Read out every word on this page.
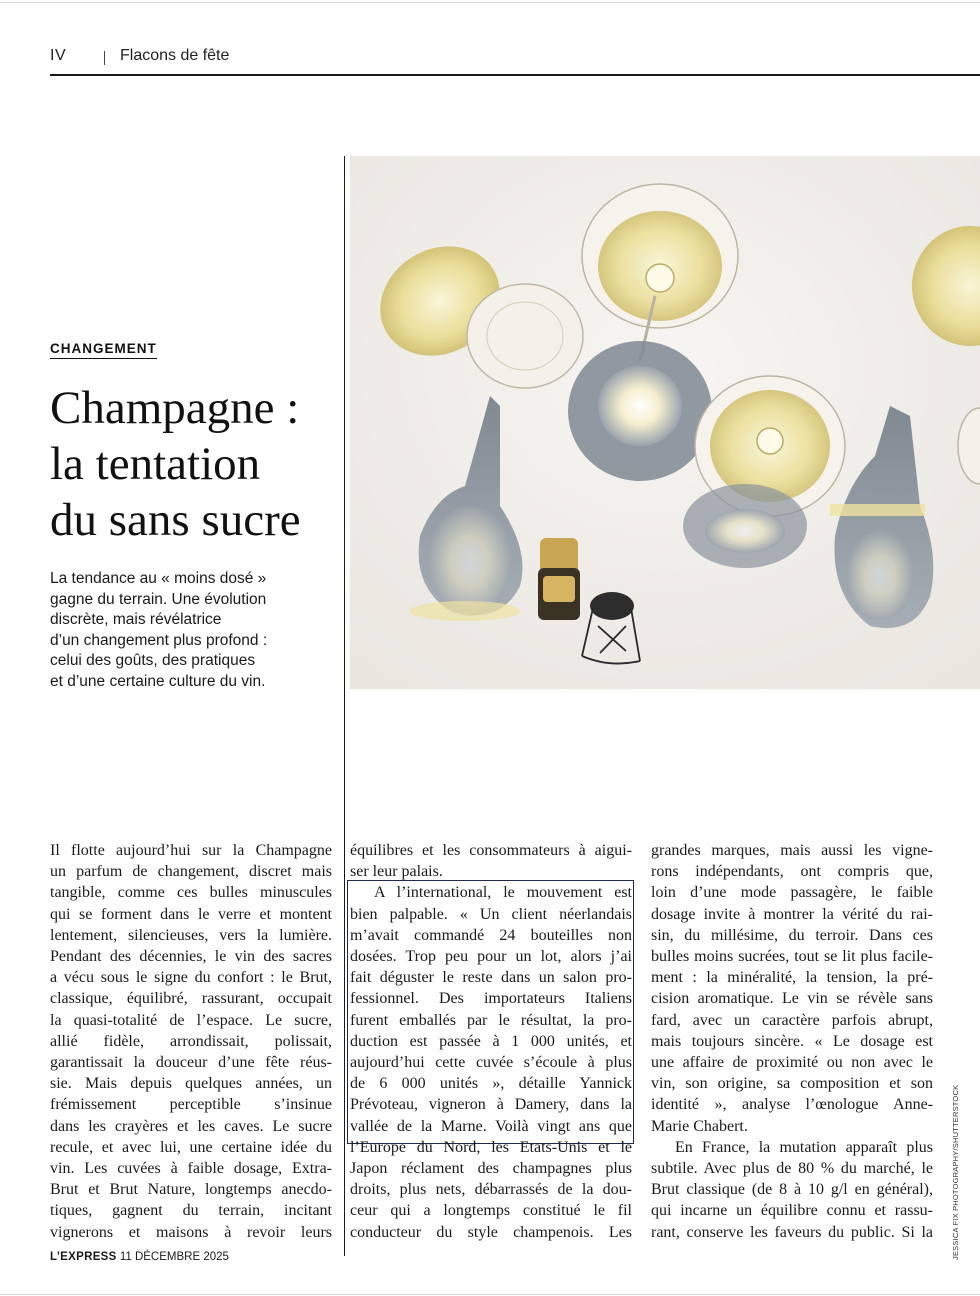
IV	Flacons de fête
CHANGEMENT
Champagne :
la tentation
du sans sucre
La tendance au « moins dosé »
gagne du terrain. Une évolution
discrète, mais révélatrice
d’un changement plus profond :
celui des goûts, des pratiques
et d’une certaine culture du vin.
Il flotte aujourd’hui sur la Champagne
un parfum de changement, discret mais
tangible, comme ces bulles minuscules
qui se forment dans le verre et montent
lentement, silencieuses, vers la lumière.
Pendant des décennies, le vin des sacres
a vécu sous le signe du confort : le Brut,
classique, équilibré, rassurant, occupait
la quasi-totalité de l’espace. Le sucre,
allié fidèle, arrondissait, polissait,
garantissait la douceur d’une fête réus-
sie. Mais depuis quelques années, un
frémissement perceptible s’insinue
dans les crayères et les caves. Le sucre
recule, et avec lui, une certaine idée du
vin. Les cuvées à faible dosage, Extra-
Brut et Brut Nature, longtemps anecdo-
tiques, gagnent du terrain, incitant
vignerons et maisons à revoir leurs
équilibres et les consommateurs à aigui-
ser leur palais.
A l’international, le mouvement est
bien palpable. « Un client néerlandais
m’avait commandé 24 bouteilles non
dosées. Trop peu pour un lot, alors j’ai
fait déguster le reste dans un salon pro-
fessionnel. Des importateurs Italiens
furent emballés par le résultat, la pro-
duction est passée à 1 000 unités, et
aujourd’hui cette cuvée s’écoule à plus
de 6 000 unités », détaille Yannick
Prévoteau, vigneron à Damery, dans la
vallée de la Marne. Voilà vingt ans que
l’Europe du Nord, les Etats-Unis et le
Japon réclament des champagnes plus
droits, plus nets, débarrassés de la dou-
ceur qui a longtemps constitué le fil
conducteur du style champenois. Les
grandes marques, mais aussi les vigne-
rons indépendants, ont compris que,
loin d’une mode passagère, le faible
dosage invite à montrer la vérité du rai-
sin, du millésime, du terroir. Dans ces
bulles moins sucrées, tout se lit plus facile-
ment : la minéralité, la tension, la pré-
cision aromatique. Le vin se révèle sans
fard, avec un caractère parfois abrupt,
mais toujours sincère. « Le dosage est
une affaire de proximité ou non avec le
vin, son origine, sa composition et son
identité », analyse l’œnologue Anne-
Marie Chabert.
En France, la mutation apparaît plus
subtile. Avec plus de 80 % du marché, le
Brut classique (de 8 à 10 g/l en général),
qui incarne un équilibre connu et rassu-
rant, conserve les faveurs du public. Si la JESSICA FIX PHOTOGRAPHY/SHUTTERSTOCK
L’EXPRESS 11 DÉCEMBRE 2025
